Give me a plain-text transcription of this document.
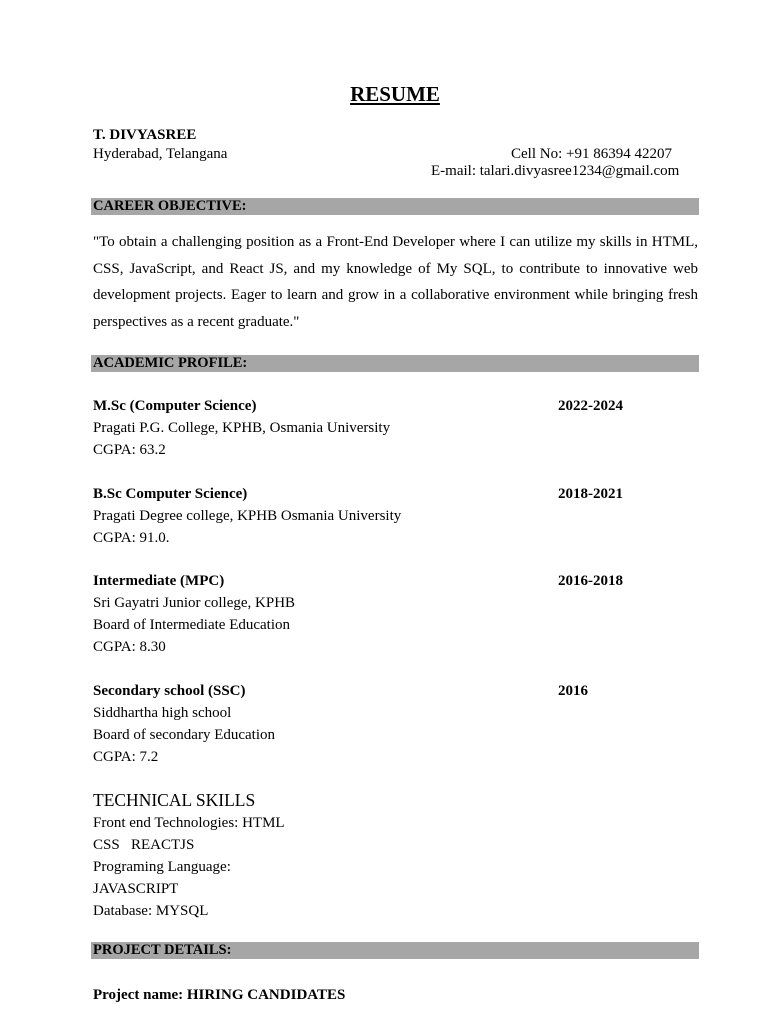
RESUME
T. DIVYASREE
Hyderabad, Telangana	Cell No: +91 86394 42207
E-mail: talari.divyasree1234@gmail.com
CAREER OBJECTIVE:
"To obtain a challenging position as a Front-End Developer where I can utilize my skills in HTML, CSS, JavaScript, and React JS, and my knowledge of My SQL, to contribute to innovative web development projects. Eager to learn and grow in a collaborative environment while bringing fresh perspectives as a recent graduate."
ACADEMIC PROFILE:
M.Sc (Computer Science)	2022-2024
Pragati P.G. College, KPHB, Osmania University
CGPA: 63.2
B.Sc Computer Science)	2018-2021
Pragati Degree college, KPHB Osmania University
CGPA: 91.0.
Intermediate (MPC)	2016-2018
Sri Gayatri Junior college, KPHB
Board of Intermediate Education
CGPA: 8.30
Secondary school (SSC)	2016
Siddhartha high school
Board of secondary Education
CGPA: 7.2
TECHNICAL SKILLS
Front end Technologies: HTML
CSS   REACTJS
Programing Language:
JAVASCRIPT
Database: MYSQL
PROJECT DETAILS:
Project name: HIRING CANDIDATES
